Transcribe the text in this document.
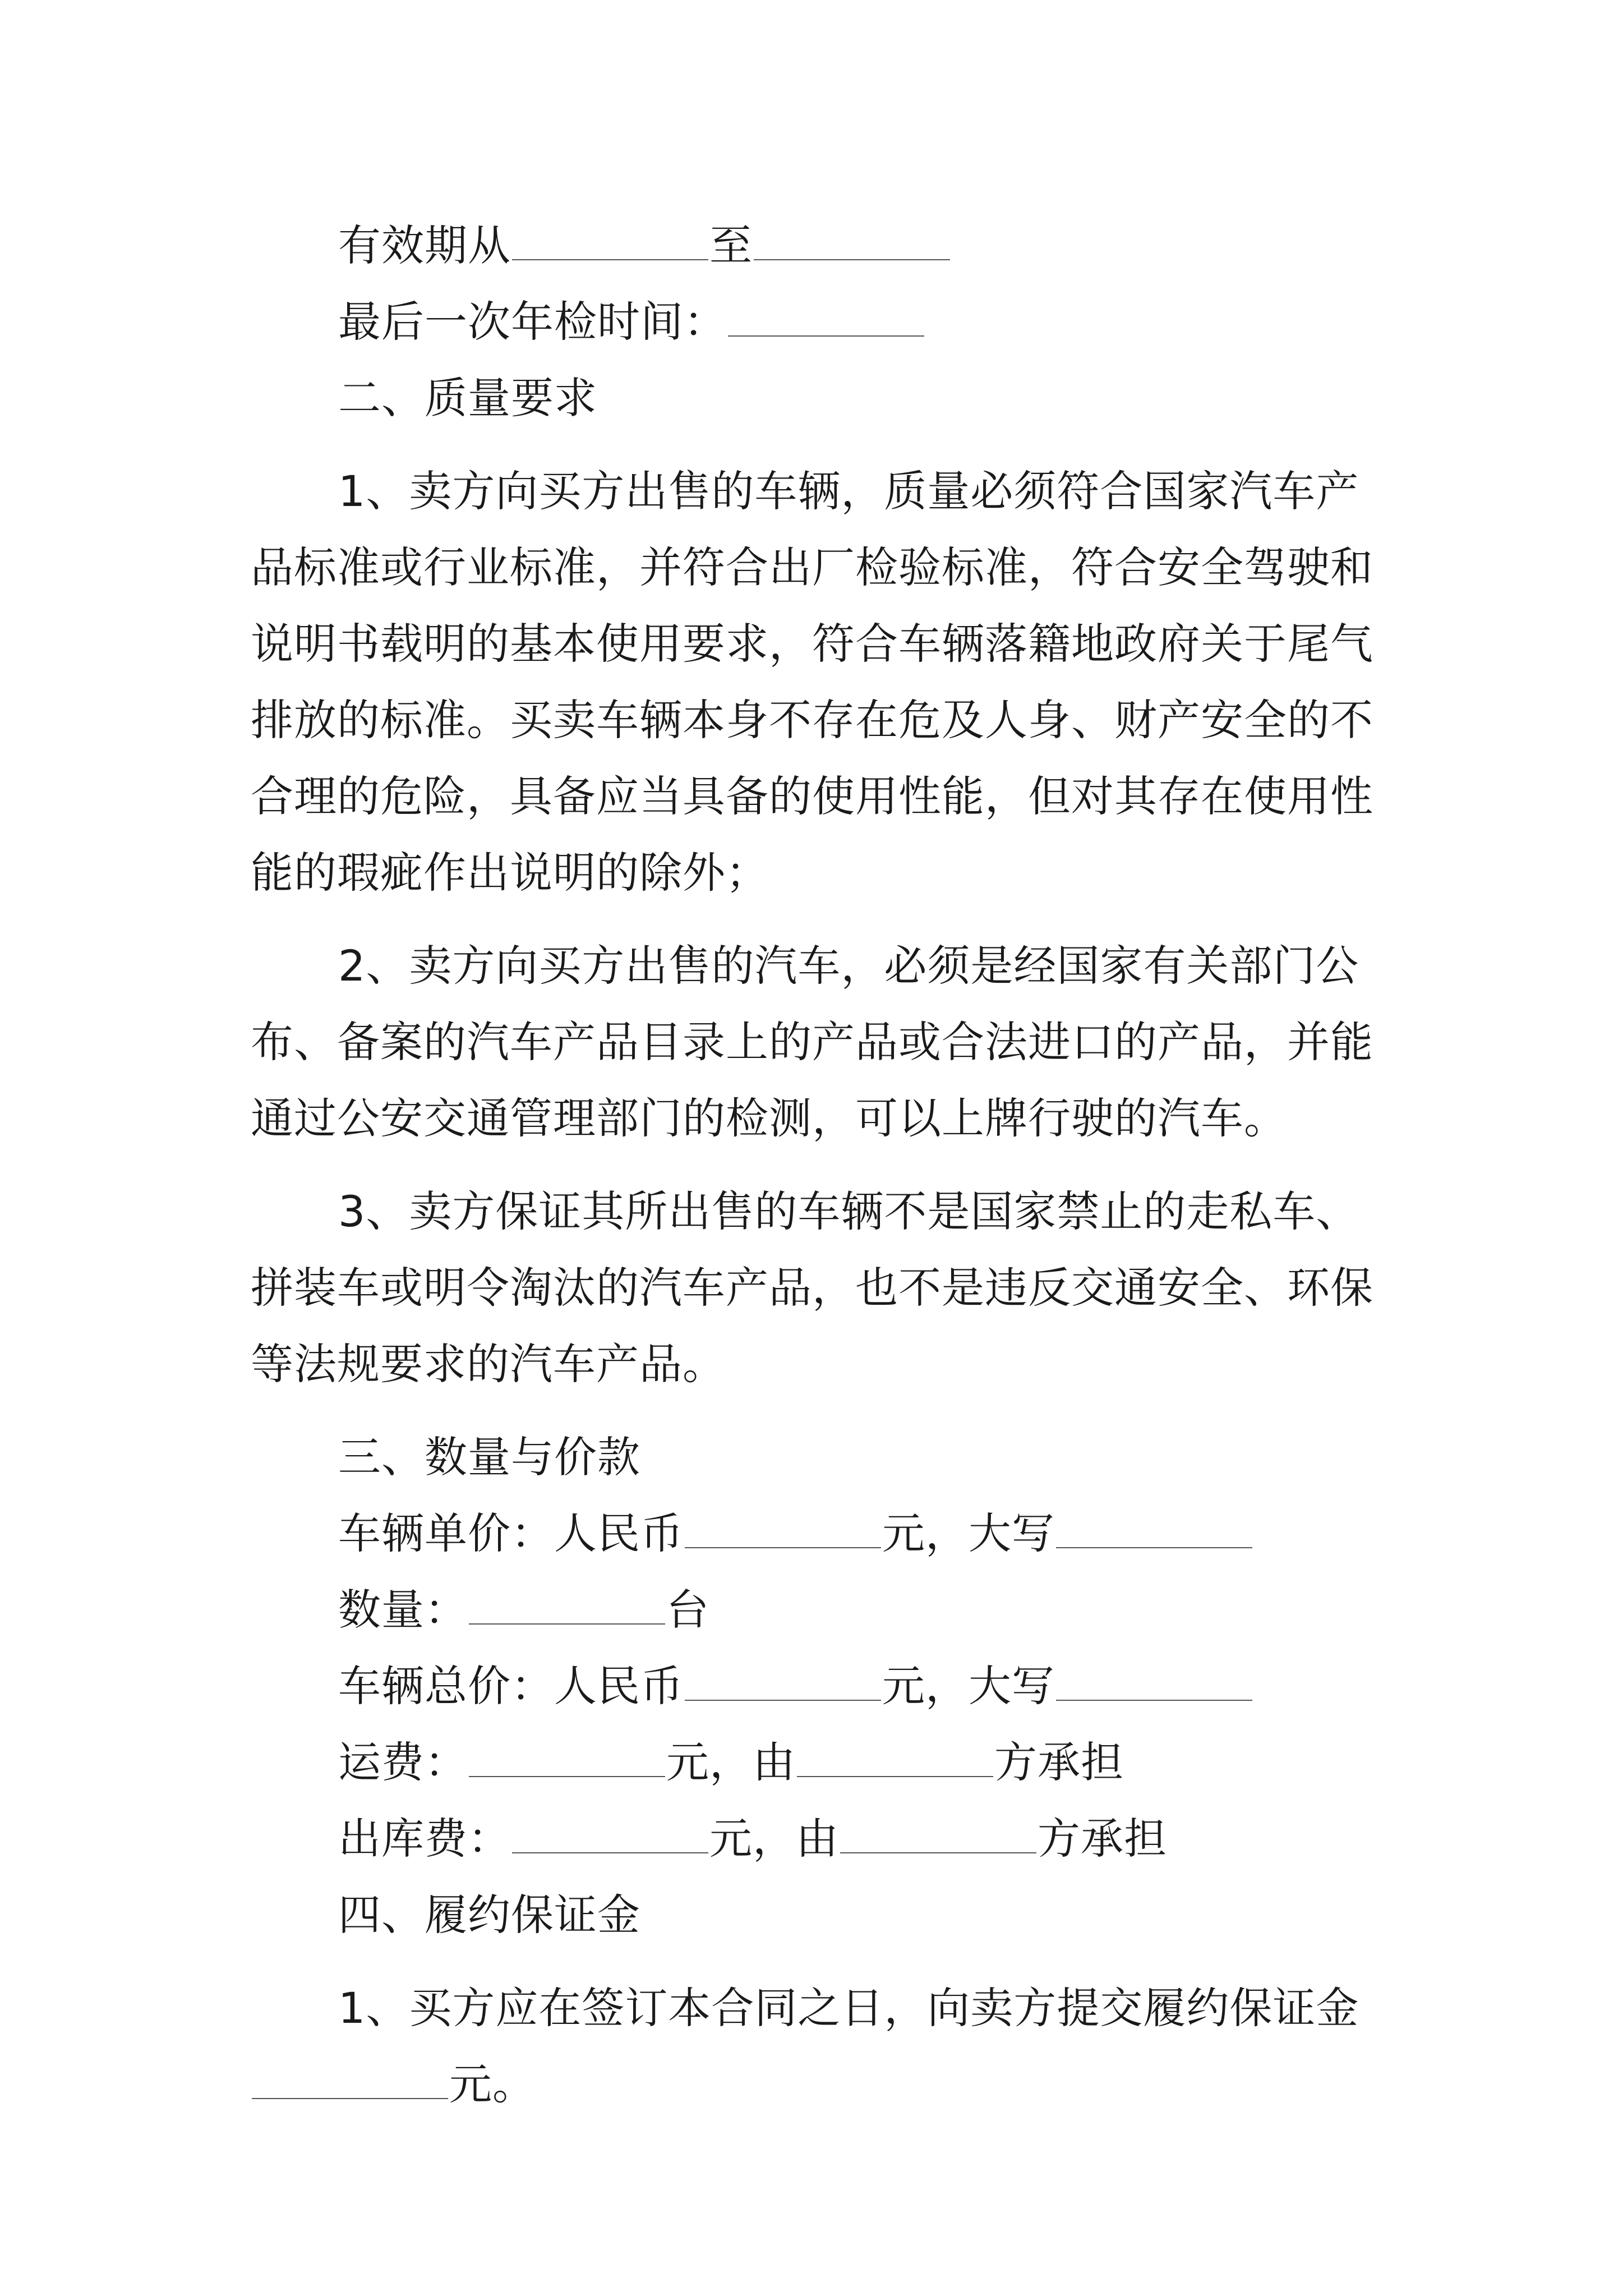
有效期从	至
最后一次年检时间：
二、质量要求
1、卖方向买方出售的车辆，质量必须符合国家汽车产
品标准或行业标准，并符合出厂检验标准，符合安全驾驶和
说明书载明的基本使用要求，符合车辆落籍地政府关于尾气
排放的标准。买卖车辆本身不存在危及人身、财产安全的不
合理的危险，具备应当具备的使用性能，但对其存在使用性
能的瑕疵作出说明的除外；
2、卖方向买方出售的汽车，必须是经国家有关部门公
布、备案的汽车产品目录上的产品或合法进口的产品，并能
通过公安交通管理部门的检测，可以上牌行驶的汽车。
3、卖方保证其所出售的车辆不是国家禁止的走私车、
拼装车或明令淘汰的汽车产品，也不是违反交通安全、环保
等法规要求的汽车产品。
三、数量与价款
车辆单价：人民币	元，大写
数量：	台
车辆总价：人民币	元，大写
运费：	元，由	方承担
出库费：	元，由	方承担
四、履约保证金
1、买方应在签订本合同之日，向卖方提交履约保证金
元。
